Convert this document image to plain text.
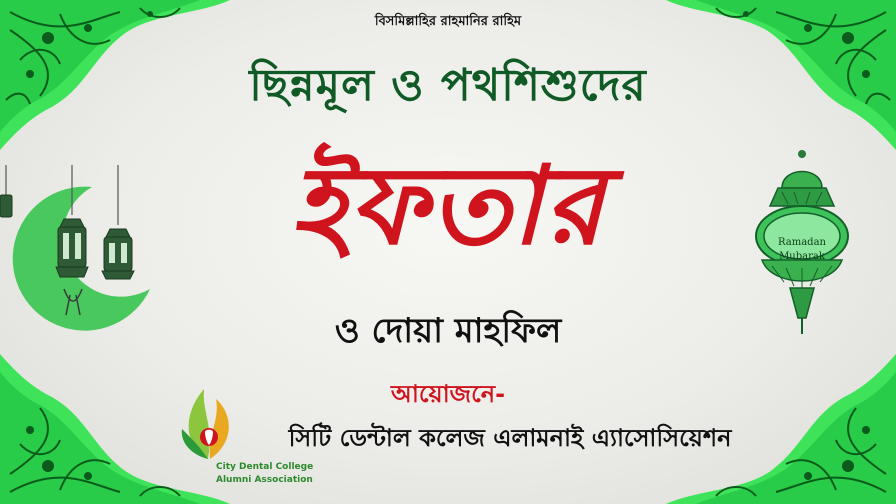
Ramadan
Mubarak
বিসমিল্লাহির রাহমানির রাহিম
ছিন্নমূল ও পথশিশুদের
ইফতার
ও দোয়া মাহফিল
আয়োজনে-
সিটি ডেন্টাল কলেজ এলামনাই এ্যাসোসিয়েশন
City Dental College
Alumni Association
